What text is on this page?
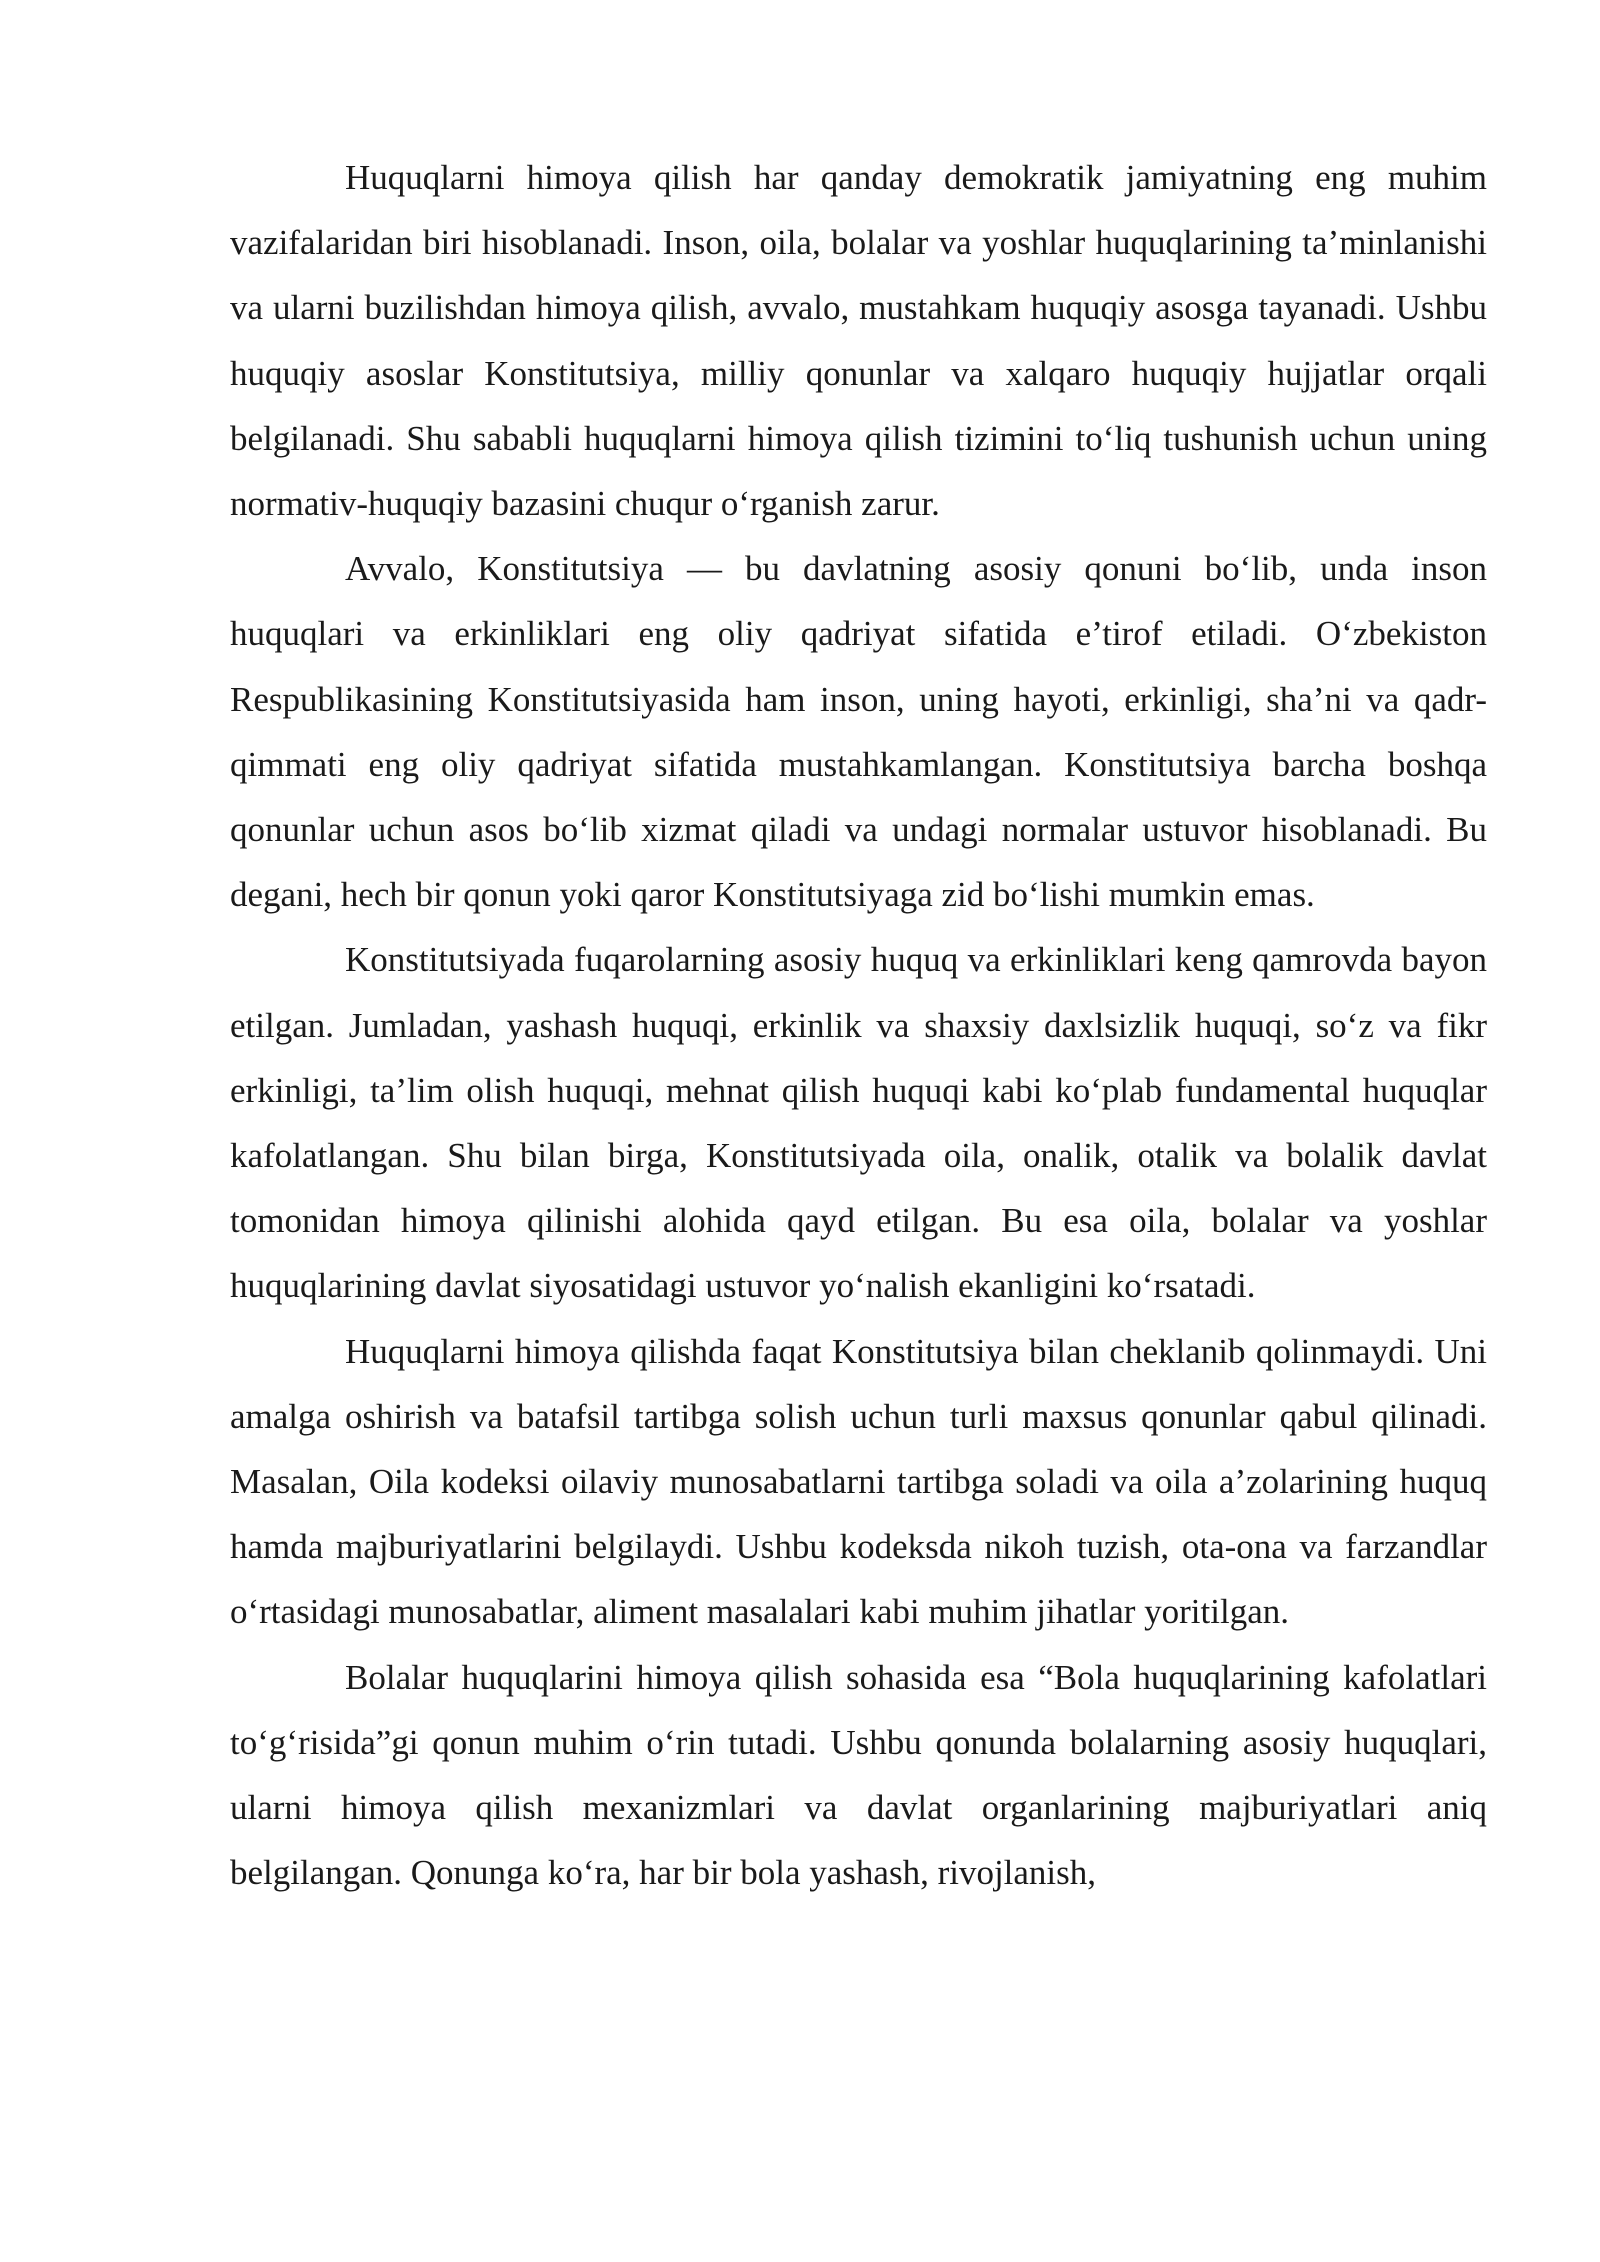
Huquqlarni himoya qilish har qanday demokratik jamiyatning eng muhim vazifalaridan biri hisoblanadi. Inson, oila, bolalar va yoshlar huquqlarining ta’minlanishi va ularni buzilishdan himoya qilish, avvalo, mustahkam huquqiy asosga tayanadi. Ushbu huquqiy asoslar Konstitutsiya, milliy qonunlar va xalqaro huquqiy hujjatlar orqali belgilanadi. Shu sababli huquqlarni himoya qilish tizimini to‘liq tushunish uchun uning normativ-huquqiy bazasini chuqur o‘rganish zarur.

Avvalo, Konstitutsiya — bu davlatning asosiy qonuni bo‘lib, unda inson huquqlari va erkinliklari eng oliy qadriyat sifatida e’tirof etiladi. O‘zbekiston Respublikasining Konstitutsiyasida ham inson, uning hayoti, erkinligi, sha’ni va qadr-qimmati eng oliy qadriyat sifatida mustahkamlangan. Konstitutsiya barcha boshqa qonunlar uchun asos bo‘lib xizmat qiladi va undagi normalar ustuvor hisoblanadi. Bu degani, hech bir qonun yoki qaror Konstitutsiyaga zid bo‘lishi mumkin emas.

Konstitutsiyada fuqarolarning asosiy huquq va erkinliklari keng qamrovda bayon etilgan. Jumladan, yashash huquqi, erkinlik va shaxsiy daxlsizlik huquqi, so‘z va fikr erkinligi, ta’lim olish huquqi, mehnat qilish huquqi kabi ko‘plab fundamental huquqlar kafolatlangan. Shu bilan birga, Konstitutsiyada oila, onalik, otalik va bolalik davlat tomonidan himoya qilinishi alohida qayd etilgan. Bu esa oila, bolalar va yoshlar huquqlarining davlat siyosatidagi ustuvor yo‘nalish ekanligini ko‘rsatadi.

Huquqlarni himoya qilishda faqat Konstitutsiya bilan cheklanib qolinmaydi. Uni amalga oshirish va batafsil tartibga solish uchun turli maxsus qonunlar qabul qilinadi. Masalan, Oila kodeksi oilaviy munosabatlarni tartibga soladi va oila a’zolarining huquq hamda majburiyatlarini belgilaydi. Ushbu kodeksda nikoh tuzish, ota-ona va farzandlar o‘rtasidagi munosabatlar, aliment masalalari kabi muhim jihatlar yoritilgan.

Bolalar huquqlarini himoya qilish sohasida esa “Bola huquqlarining kafolatlari to‘g‘risida”gi qonun muhim o‘rin tutadi. Ushbu qonunda bolalarning asosiy huquqlari, ularni himoya qilish mexanizmlari va davlat organlarining majburiyatlari aniq belgilangan. Qonunga ko‘ra, har bir bola yashash, rivojlanish,
